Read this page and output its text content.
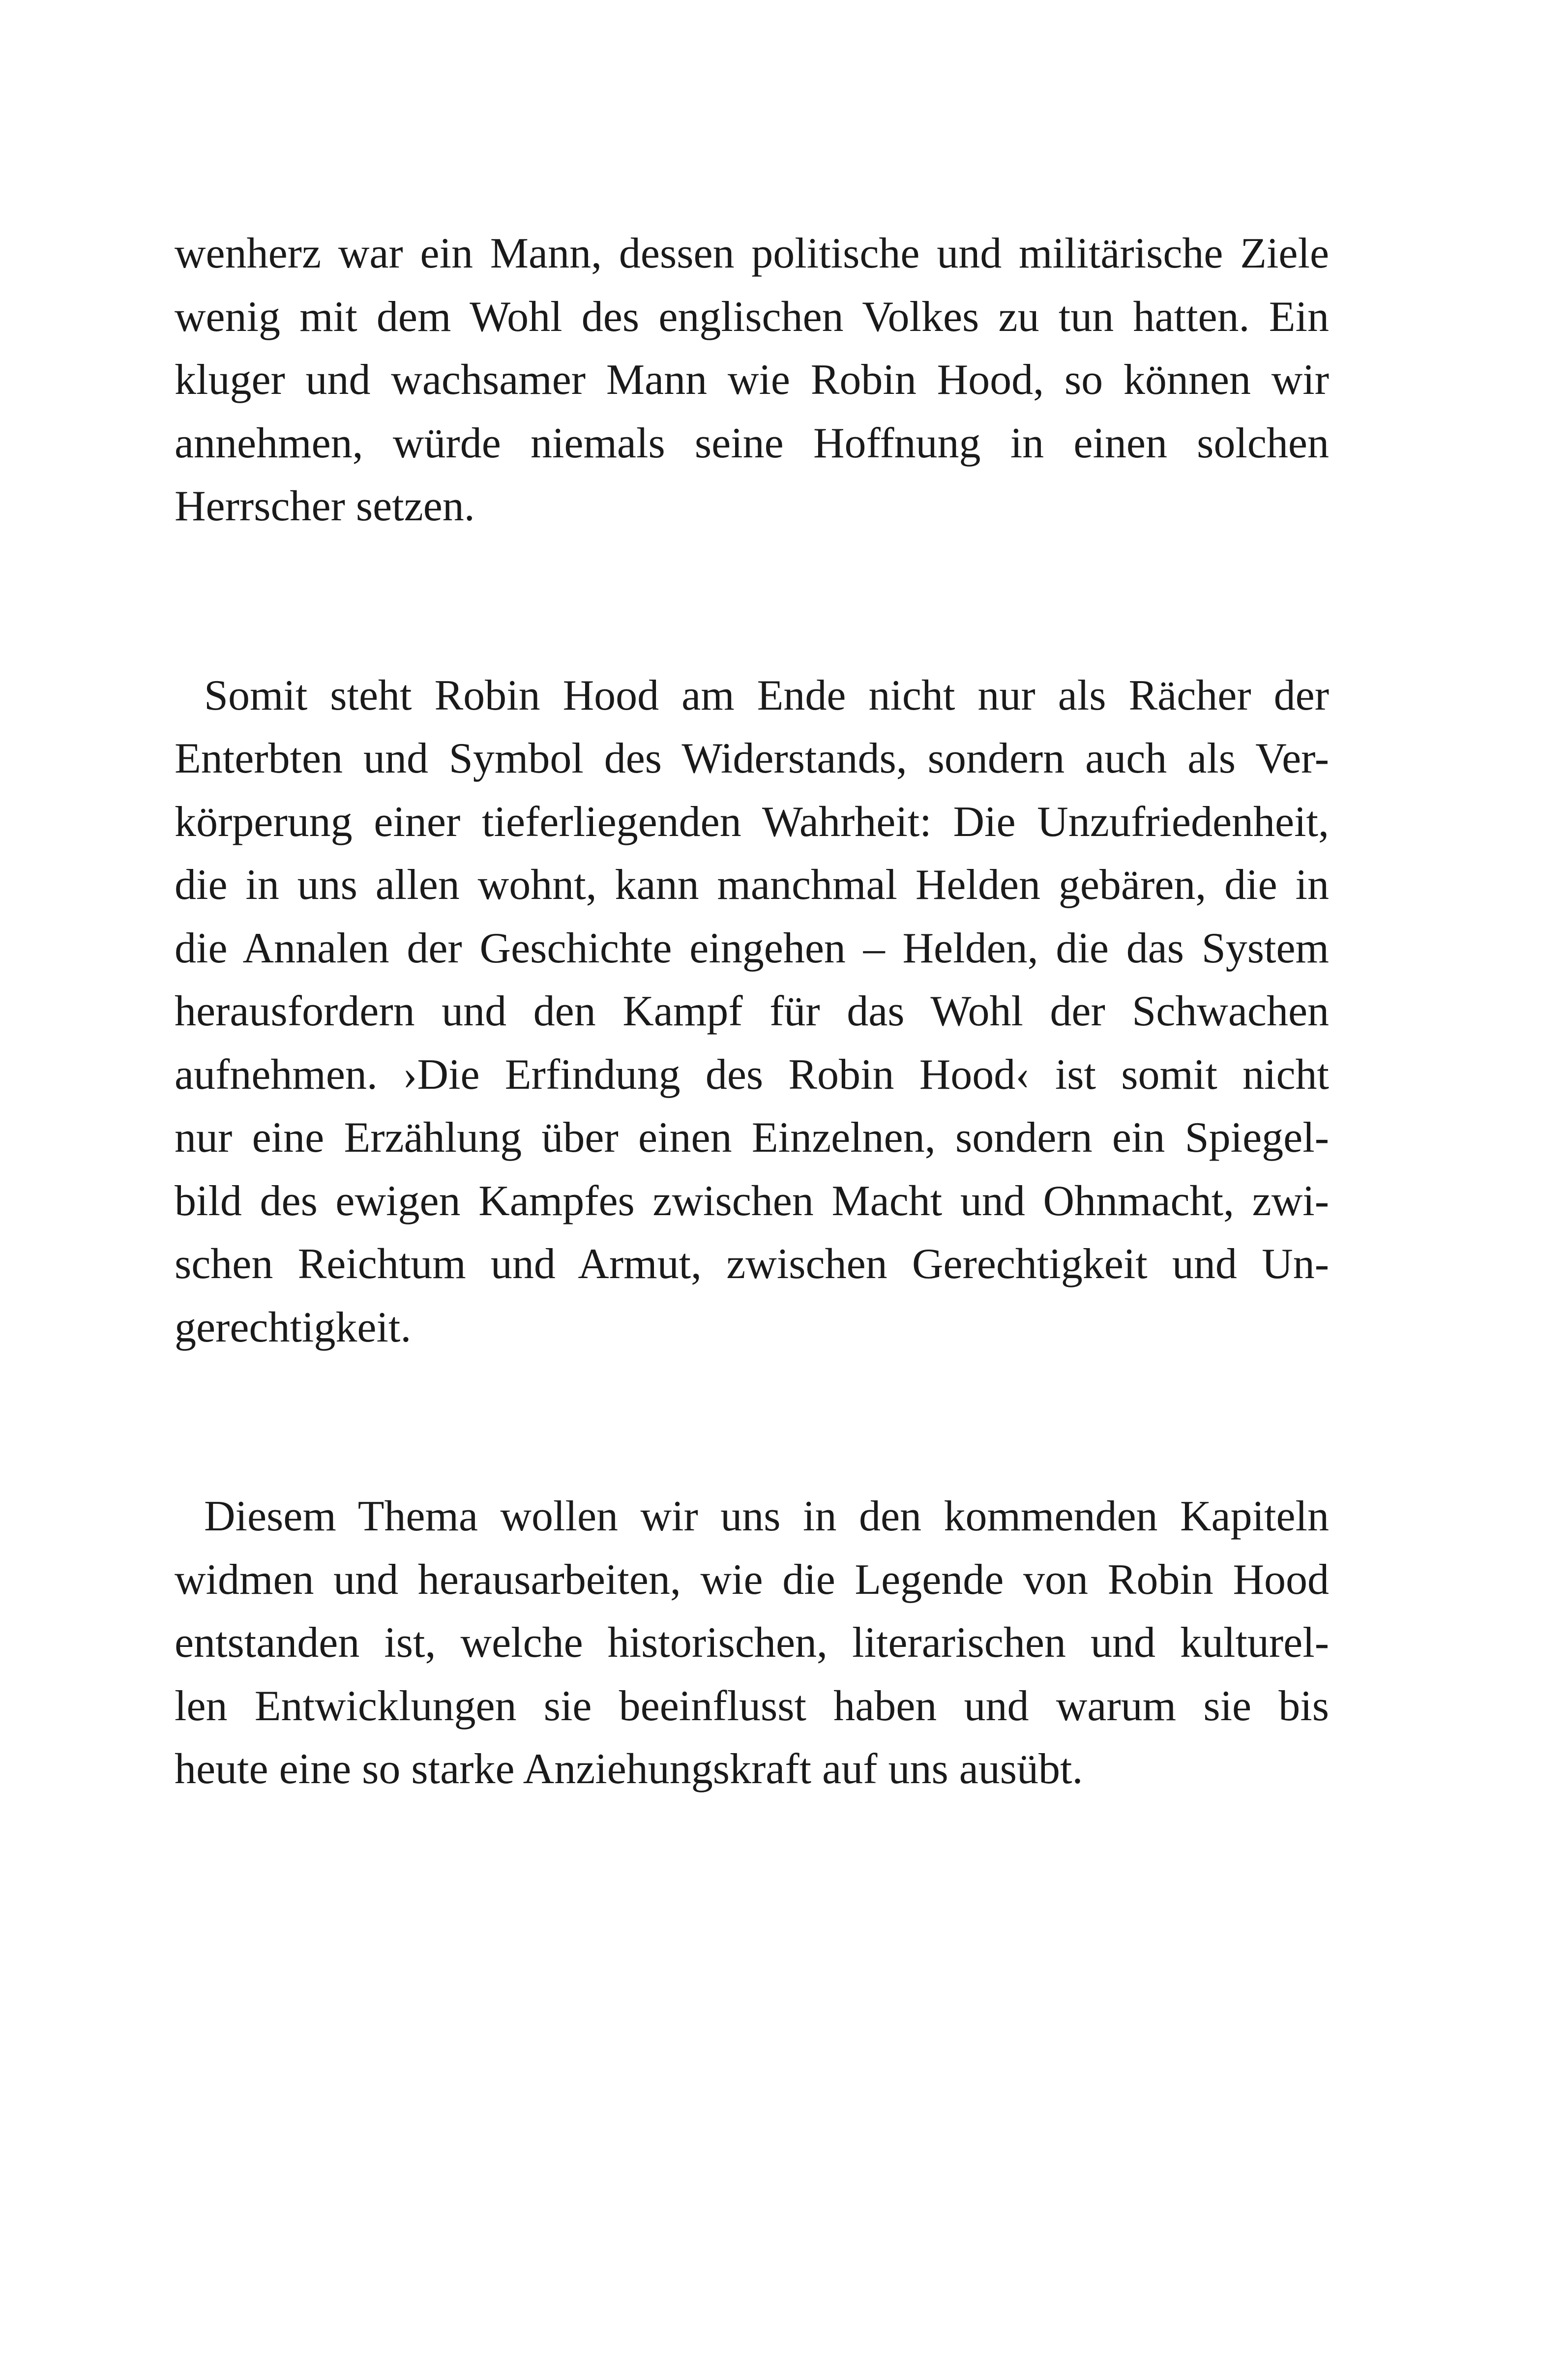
wenherz war ein Mann, dessen politische und militärische Ziele
wenig mit dem Wohl des englischen Volkes zu tun hatten. Ein
kluger und wachsamer Mann wie Robin Hood, so können wir
annehmen, würde niemals seine Hoffnung in einen solchen
Herrscher setzen.
Somit steht Robin Hood am Ende nicht nur als Rächer der
Enterbten und Symbol des Widerstands, sondern auch als Ver-
körperung einer tieferliegenden Wahrheit: Die Unzufriedenheit,
die in uns allen wohnt, kann manchmal Helden gebären, die in
die Annalen der Geschichte eingehen – Helden, die das System
herausfordern und den Kampf für das Wohl der Schwachen
aufnehmen. ›Die Erfindung des Robin Hood‹ ist somit nicht
nur eine Erzählung über einen Einzelnen, sondern ein Spiegel-
bild des ewigen Kampfes zwischen Macht und Ohnmacht, zwi-
schen Reichtum und Armut, zwischen Gerechtigkeit und Un-
gerechtigkeit.
Diesem Thema wollen wir uns in den kommenden Kapiteln
widmen und herausarbeiten, wie die Legende von Robin Hood
entstanden ist, welche historischen, literarischen und kulturel-
len Entwicklungen sie beeinflusst haben und warum sie bis
heute eine so starke Anziehungskraft auf uns ausübt.
